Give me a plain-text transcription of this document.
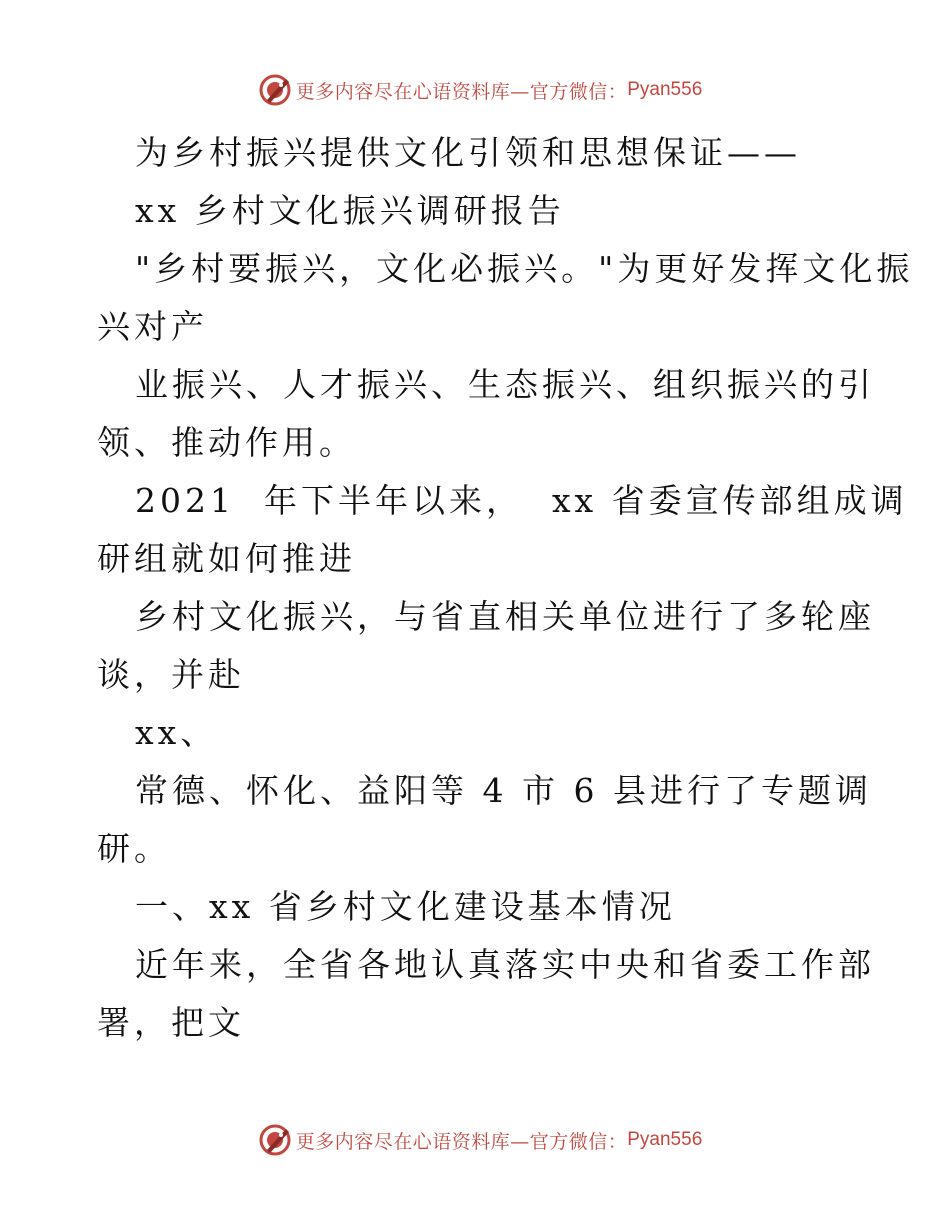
更多内容尽在心语资料库—官方微信： Pyan556
为乡村振兴提供文化引领和思想保证——
xx 乡村文化振兴调研报告
"乡村要振兴，文化必振兴。"为更好发挥文化振
兴对产
业振兴、人才振兴、生态振兴、组织振兴的引
领、推动作用。
2021  年下半年以来，  xx 省委宣传部组成调
研组就如何推进
乡村文化振兴，与省直相关单位进行了多轮座
谈，并赴
xx、
常德、怀化、益阳等 4 市 6 县进行了专题调
研。
一、xx 省乡村文化建设基本情况
近年来，全省各地认真落实中央和省委工作部
署，把文
更多内容尽在心语资料库—官方微信： Pyan556
